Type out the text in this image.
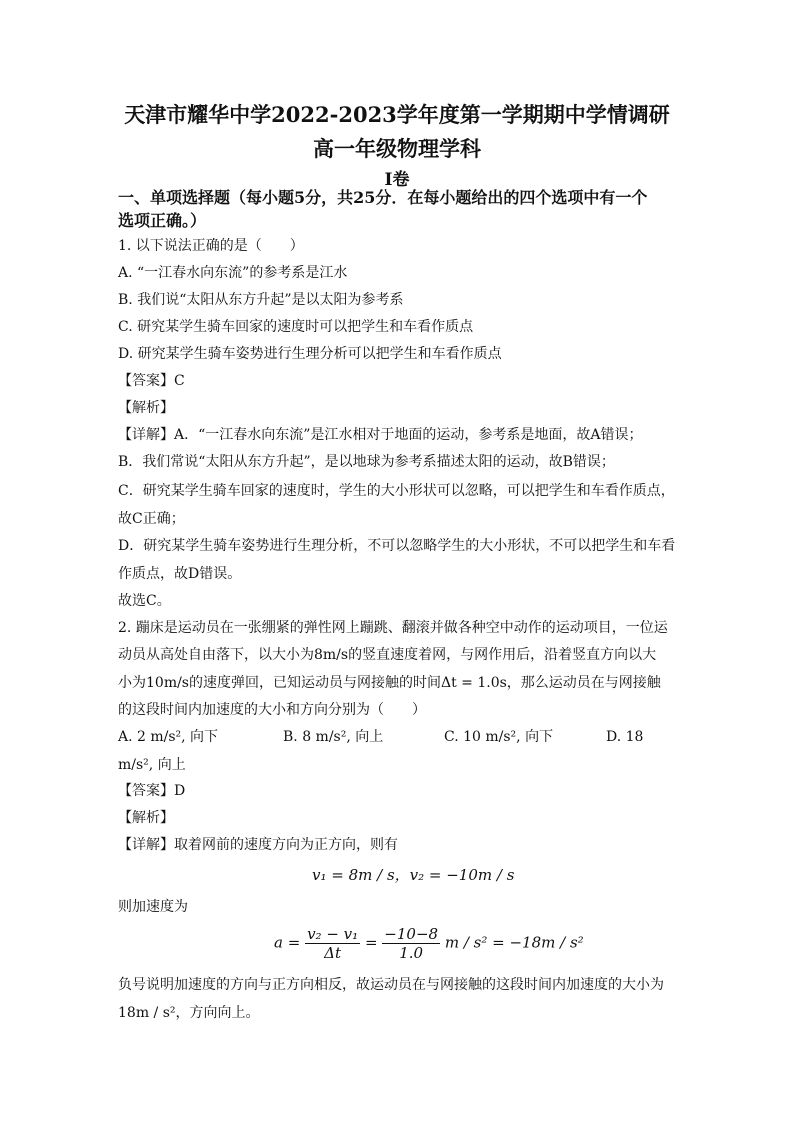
天津市耀华中学2022-2023学年度第一学期期中学情调研
高一年级物理学科
Ⅰ卷
一、单项选择题（每小题5分，共25分．在每小题给出的四个选项中有一个
选项正确。）
1. 以下说法正确的是（　　）
A. “一江春水向东流”的参考系是江水
B. 我们说“太阳从东方升起”是以太阳为参考系
C. 研究某学生骑车回家的速度时可以把学生和车看作质点
D. 研究某学生骑车姿势进行生理分析可以把学生和车看作质点
【答案】C
【解析】
【详解】A．“一江春水向东流”是江水相对于地面的运动，参考系是地面，故A错误；
B．我们常说“太阳从东方升起”，是以地球为参考系描述太阳的运动，故B错误；
C．研究某学生骑车回家的速度时，学生的大小形状可以忽略，可以把学生和车看作质点，
故C正确；
D．研究某学生骑车姿势进行生理分析，不可以忽略学生的大小形状，不可以把学生和车看
作质点，故D错误。
故选C。
2. 蹦床是运动员在一张绷紧的弹性网上蹦跳、翻滚并做各种空中动作的运动项目，一位运
动员从高处自由落下，以大小为8m/s的竖直速度着网，与网作用后，沿着竖直方向以大
小为10m/s的速度弹回，已知运动员与网接触的时间Δt = 1.0s，那么运动员在与网接触
的这段时间内加速度的大小和方向分别为（　　）
A. 2 m/s², 向下	B. 8 m/s², 向上	C. 10 m/s², 向下	D. 18
m/s², 向上
【答案】D
【解析】
【详解】取着网前的速度方向为正方向，则有
v₁ = 8m / s，v₂ = −10m / s
则加速度为
$a = \frac{\text{v₂ − v₁}}{\Delta t} = \frac{-10-8}{1.0}$ m / s² = −18m / s²
负号说明加速度的方向与正方向相反，故运动员在与网接触的这段时间内加速度的大小为
18m / s²，方向向上。
